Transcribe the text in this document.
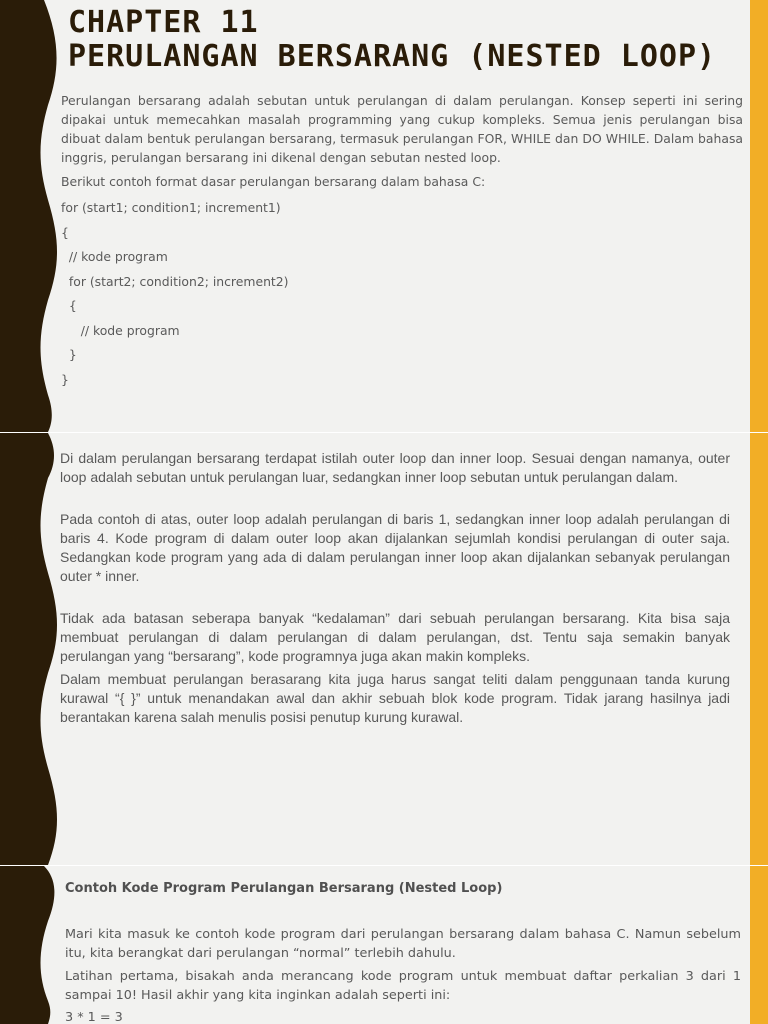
CHAPTER 11
PERULANGAN BERSARANG (NESTED LOOP)

Perulangan bersarang adalah sebutan untuk perulangan di dalam perulangan. Konsep seperti ini sering dipakai untuk memecahkan masalah programming yang cukup kompleks. Semua jenis perulangan bisa dibuat dalam bentuk perulangan bersarang, termasuk perulangan FOR, WHILE dan DO WHILE. Dalam bahasa inggris, perulangan bersarang ini dikenal dengan sebutan nested loop.

Berikut contoh format dasar perulangan bersarang dalam bahasa C:

for (start1; condition1; increment1)
{
// kode program
for (start2; condition2; increment2)
{
// kode program
}
}

Di dalam perulangan bersarang terdapat istilah outer loop dan inner loop. Sesuai dengan namanya, outer loop adalah sebutan untuk perulangan luar, sedangkan inner loop sebutan untuk perulangan dalam.

Pada contoh di atas, outer loop adalah perulangan di baris 1, sedangkan inner loop adalah perulangan di baris 4. Kode program di dalam outer loop akan dijalankan sejumlah kondisi perulangan di outer saja. Sedangkan kode program yang ada di dalam perulangan inner loop akan dijalankan sebanyak perulangan outer * inner.

Tidak ada batasan seberapa banyak “kedalaman” dari sebuah perulangan bersarang. Kita bisa saja membuat perulangan di dalam perulangan di dalam perulangan, dst. Tentu saja semakin banyak perulangan yang “bersarang”, kode programnya juga akan makin kompleks.

Dalam membuat perulangan berasarang kita juga harus sangat teliti dalam penggunaan tanda kurung kurawal “{ }” untuk menandakan awal dan akhir sebuah blok kode program. Tidak jarang hasilnya jadi berantakan karena salah menulis posisi penutup kurung kurawal.

Contoh Kode Program Perulangan Bersarang (Nested Loop)

Mari kita masuk ke contoh kode program dari perulangan bersarang dalam bahasa C. Namun sebelum itu, kita berangkat dari perulangan “normal” terlebih dahulu.

Latihan pertama, bisakah anda merancang kode program untuk membuat daftar perkalian 3 dari 1 sampai 10! Hasil akhir yang kita inginkan adalah seperti ini:

3 * 1 = 3
